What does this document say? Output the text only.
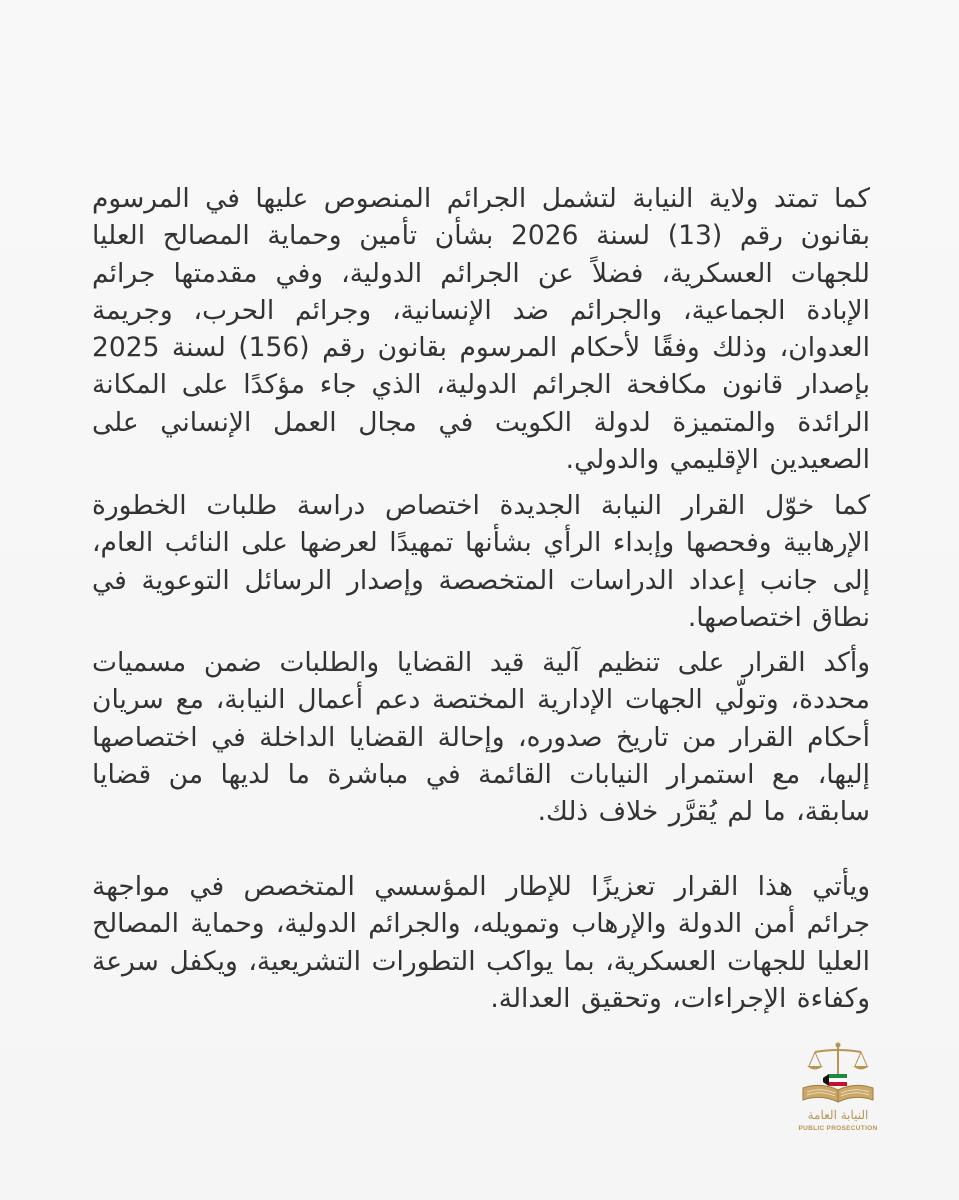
كما تمتد ولاية النيابة لتشمل الجرائم المنصوص عليها في المرسوم بقانون رقم (13) لسنة 2026 بشأن تأمين وحماية المصالح العليا للجهات العسكرية، فضلاً عن الجرائم الدولية، وفي مقدمتها جرائم الإبادة الجماعية، والجرائم ضد الإنسانية، وجرائم الحرب، وجريمة العدوان، وذلك وفقًا لأحكام المرسوم بقانون رقم (156) لسنة 2025 بإصدار قانون مكافحة الجرائم الدولية، الذي جاء مؤكدًا على المكانة الرائدة والمتميزة لدولة الكويت في مجال العمل الإنساني على الصعيدين الإقليمي والدولي.

كما خوّل القرار النيابة الجديدة اختصاص دراسة طلبات الخطورة الإرهابية وفحصها وإبداء الرأي بشأنها تمهيدًا لعرضها على النائب العام، إلى جانب إعداد الدراسات المتخصصة وإصدار الرسائل التوعوية في نطاق اختصاصها.

وأكد القرار على تنظيم آلية قيد القضايا والطلبات ضمن مسميات محددة، وتولّي الجهات الإدارية المختصة دعم أعمال النيابة، مع سريان أحكام القرار من تاريخ صدوره، وإحالة القضايا الداخلة في اختصاصها إليها، مع استمرار النيابات القائمة في مباشرة ما لديها من قضايا سابقة، ما لم يُقرَّر خلاف ذلك.

ويأتي هذا القرار تعزيزًا للإطار المؤسسي المتخصص في مواجهة جرائم أمن الدولة والإرهاب وتمويله، والجرائم الدولية، وحماية المصالح العليا للجهات العسكرية، بما يواكب التطورات التشريعية، ويكفل سرعة وكفاءة الإجراءات، وتحقيق العدالة.

النيابة العامة
PUBLIC PROSECUTION
